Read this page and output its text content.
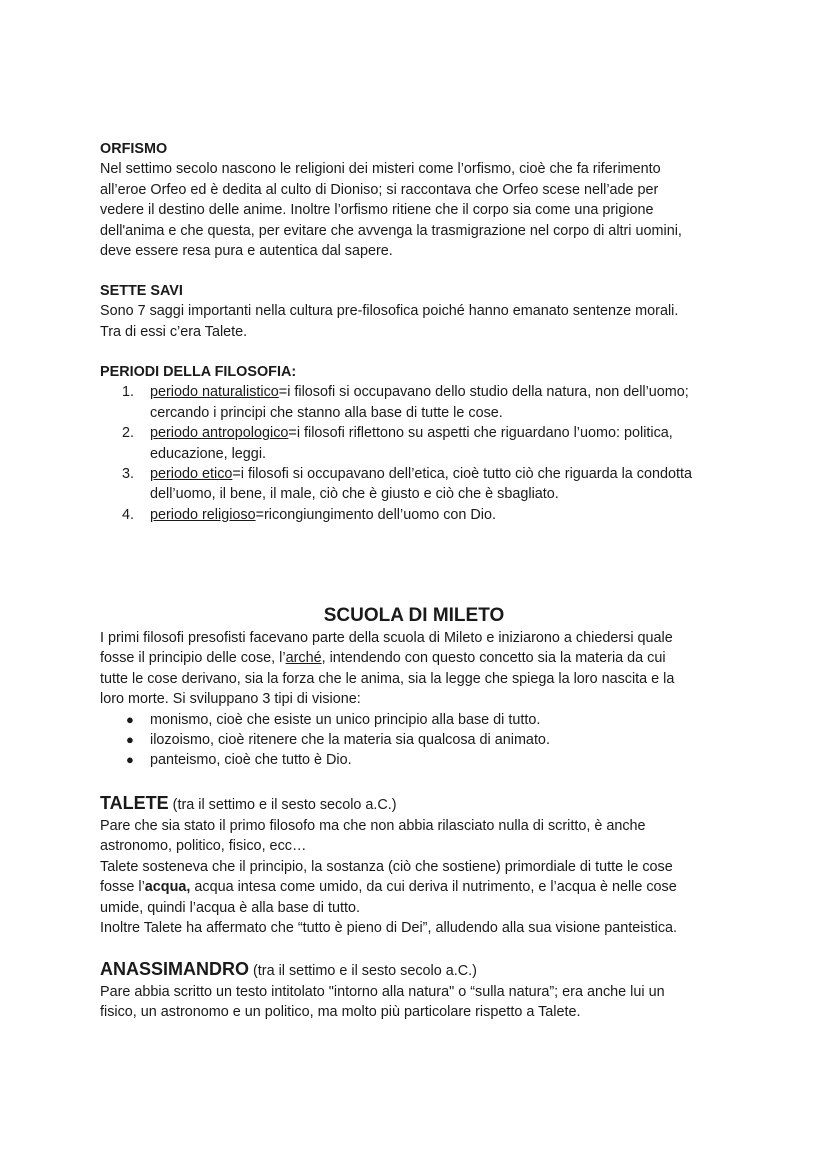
ORFISMO
Nel settimo secolo nascono le religioni dei misteri come l’orfismo, cioè che fa riferimento
all’eroe Orfeo ed è dedita al culto di Dioniso; si raccontava che Orfeo scese nell’ade per
vedere il destino delle anime. Inoltre l’orfismo ritiene che il corpo sia come una prigione
dell'anima e che questa, per evitare che avvenga la trasmigrazione nel corpo di altri uomini,
deve essere resa pura e autentica dal sapere.
SETTE SAVI
Sono 7 saggi importanti nella cultura pre-filosofica poiché hanno emanato sentenze morali.
Tra di essi c’era Talete.
PERIODI DELLA FILOSOFIA:
1. periodo naturalistico=i filosofi si occupavano dello studio della natura, non dell’uomo;
cercando i principi che stanno alla base di tutte le cose.
2. periodo antropologico=i filosofi riflettono su aspetti che riguardano l’uomo: politica,
educazione, leggi.
3. periodo etico=i filosofi si occupavano dell’etica, cioè tutto ciò che riguarda la condotta
dell’uomo, il bene, il male, ciò che è giusto e ciò che è sbagliato.
4. periodo religioso=ricongiungimento dell’uomo con Dio.
SCUOLA DI MILETO
I primi filosofi presofisti facevano parte della scuola di Mileto e iniziarono a chiedersi quale
fosse il principio delle cose, l’arché, intendendo con questo concetto sia la materia da cui
tutte le cose derivano, sia la forza che le anima, sia la legge che spiega la loro nascita e la
loro morte. Si sviluppano 3 tipi di visione:
● monismo, cioè che esiste un unico principio alla base di tutto.
● ilozoismo, cioè ritenere che la materia sia qualcosa di animato.
● panteismo, cioè che tutto è Dio.
TALETE (tra il settimo e il sesto secolo a.C.)
Pare che sia stato il primo filosofo ma che non abbia rilasciato nulla di scritto, è anche
astronomo, politico, fisico, ecc…
Talete sosteneva che il principio, la sostanza (ciò che sostiene) primordiale di tutte le cose
fosse l’acqua, acqua intesa come umido, da cui deriva il nutrimento, e l’acqua è nelle cose
umide, quindi l’acqua è alla base di tutto.
Inoltre Talete ha affermato che “tutto è pieno di Dei”, alludendo alla sua visione panteistica.
ANASSIMANDRO (tra il settimo e il sesto secolo a.C.)
Pare abbia scritto un testo intitolato "intorno alla natura" o “sulla natura”; era anche lui un
fisico, un astronomo e un politico, ma molto più particolare rispetto a Talete.
